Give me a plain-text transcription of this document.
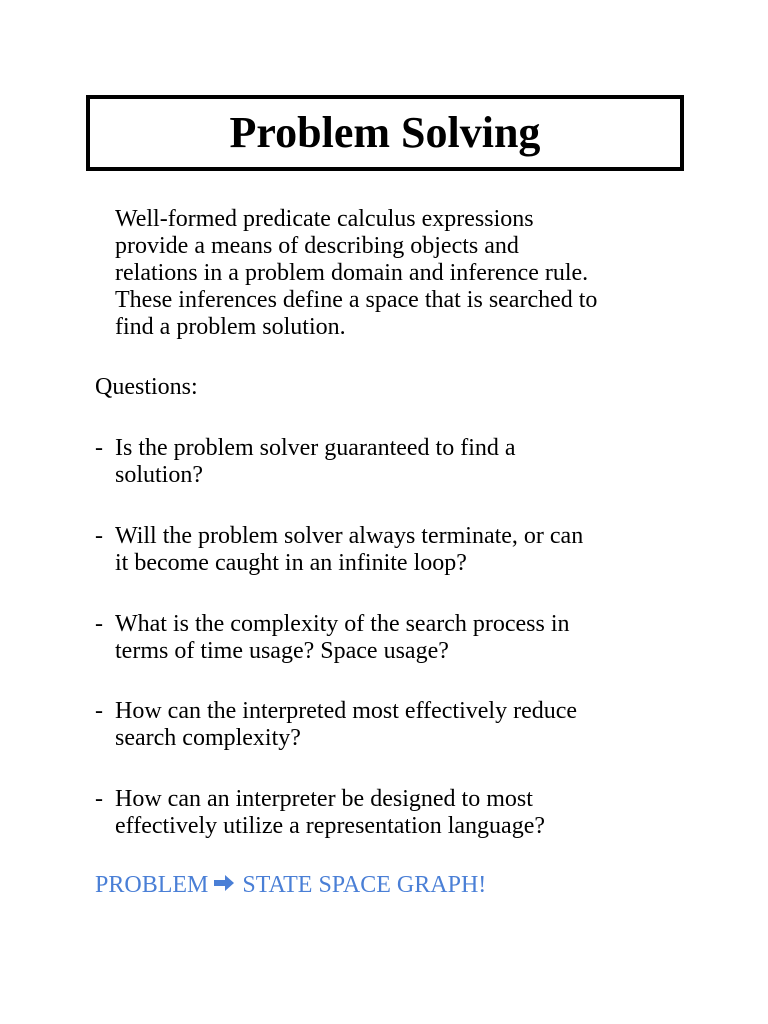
Problem Solving
Well-formed predicate calculus expressions
provide a means of describing objects and
relations in a problem domain and inference rule.
These inferences define a space that is searched to
find a problem solution.
Questions:
- Is the problem solver guaranteed to find a
solution?
- Will the problem solver always terminate, or can
it become caught in an infinite loop?
- What is the complexity of the search process in
terms of time usage? Space usage?
- How can the interpreted most effectively reduce
search complexity?
- How can an interpreter be designed to most
effectively utilize a representation language?
PROBLEM STATE SPACE GRAPH!
